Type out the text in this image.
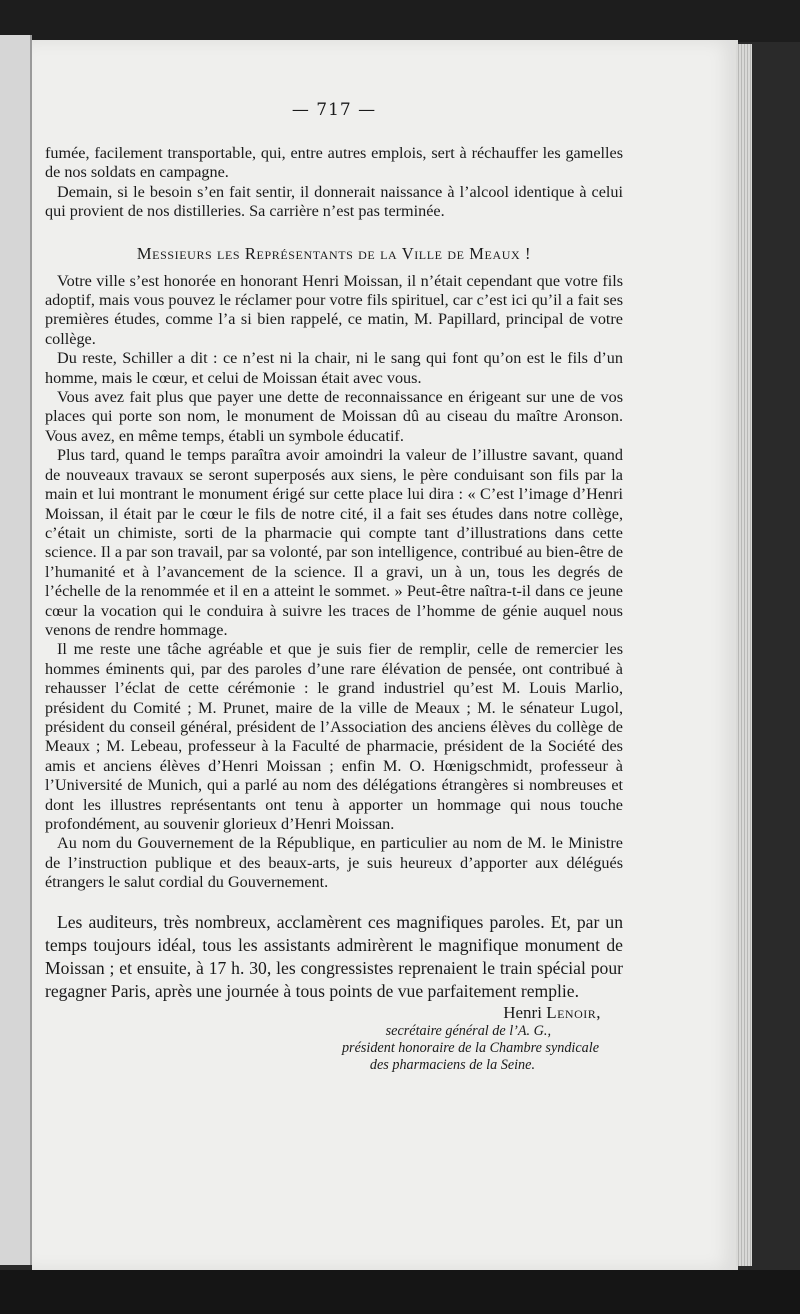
— 717 —

fumée, facilement transportable, qui, entre autres emplois, sert à réchauffer les gamelles de nos soldats en campagne.

Demain, si le besoin s’en fait sentir, il donnerait naissance à l’alcool identique à celui qui provient de nos distilleries. Sa carrière n’est pas terminée.

Messieurs les Représentants de la Ville de Meaux !

Votre ville s’est honorée en honorant Henri Moissan, il n’était cependant que votre fils adoptif, mais vous pouvez le réclamer pour votre fils spirituel, car c’est ici qu’il a fait ses premières études, comme l’a si bien rappelé, ce matin, M. Papillard, principal de votre collège.

Du reste, Schiller a dit : ce n’est ni la chair, ni le sang qui font qu’on est le fils d’un homme, mais le cœur, et celui de Moissan était avec vous.

Vous avez fait plus que payer une dette de reconnaissance en érigeant sur une de vos places qui porte son nom, le monument de Moissan dû au ciseau du maître Aronson. Vous avez, en même temps, établi un symbole éducatif.

Plus tard, quand le temps paraîtra avoir amoindri la valeur de l’illustre savant, quand de nouveaux travaux se seront superposés aux siens, le père conduisant son fils par la main et lui montrant le monument érigé sur cette place lui dira : « C’est l’image d’Henri Moissan, il était par le cœur le fils de notre cité, il a fait ses études dans notre collège, c’était un chimiste, sorti de la pharmacie qui compte tant d’illustrations dans cette science. Il a par son travail, par sa volonté, par son intelligence, contribué au bien-être de l’humanité et à l’avancement de la science. Il a gravi, un à un, tous les degrés de l’échelle de la renommée et il en a atteint le sommet. » Peut-être naîtra-t-il dans ce jeune cœur la vocation qui le conduira à suivre les traces de l’homme de génie auquel nous venons de rendre hommage.

Il me reste une tâche agréable et que je suis fier de remplir, celle de remercier les hommes éminents qui, par des paroles d’une rare élévation de pensée, ont contribué à rehausser l’éclat de cette cérémonie : le grand industriel qu’est M. Louis Marlio, président du Comité ; M. Prunet, maire de la ville de Meaux ; M. le sénateur Lugol, président du conseil général, président de l’Association des anciens élèves du collège de Meaux ; M. Lebeau, professeur à la Faculté de pharmacie, président de la Société des amis et anciens élèves d’Henri Moissan ; enfin M. O. Hœnigschmidt, professeur à l’Université de Munich, qui a parlé au nom des délégations étrangères si nombreuses et dont les illustres représentants ont tenu à apporter un hommage qui nous touche profondément, au souvenir glorieux d’Henri Moissan.

Au nom du Gouvernement de la République, en particulier au nom de M. le Ministre de l’instruction publique et des beaux-arts, je suis heureux d’apporter aux délégués étrangers le salut cordial du Gouvernement.

Les auditeurs, très nombreux, acclamèrent ces magnifiques paroles. Et, par un temps toujours idéal, tous les assistants admirèrent le magnifique monument de Moissan ; et ensuite, à 17 h. 30, les congressistes reprenaient le train spécial pour regagner Paris, après une journée à tous points de vue parfaitement remplie.

Henri Lenoir,

secrétaire général de l’A. G.,

président honoraire de la Chambre syndicale

des pharmaciens de la Seine.
